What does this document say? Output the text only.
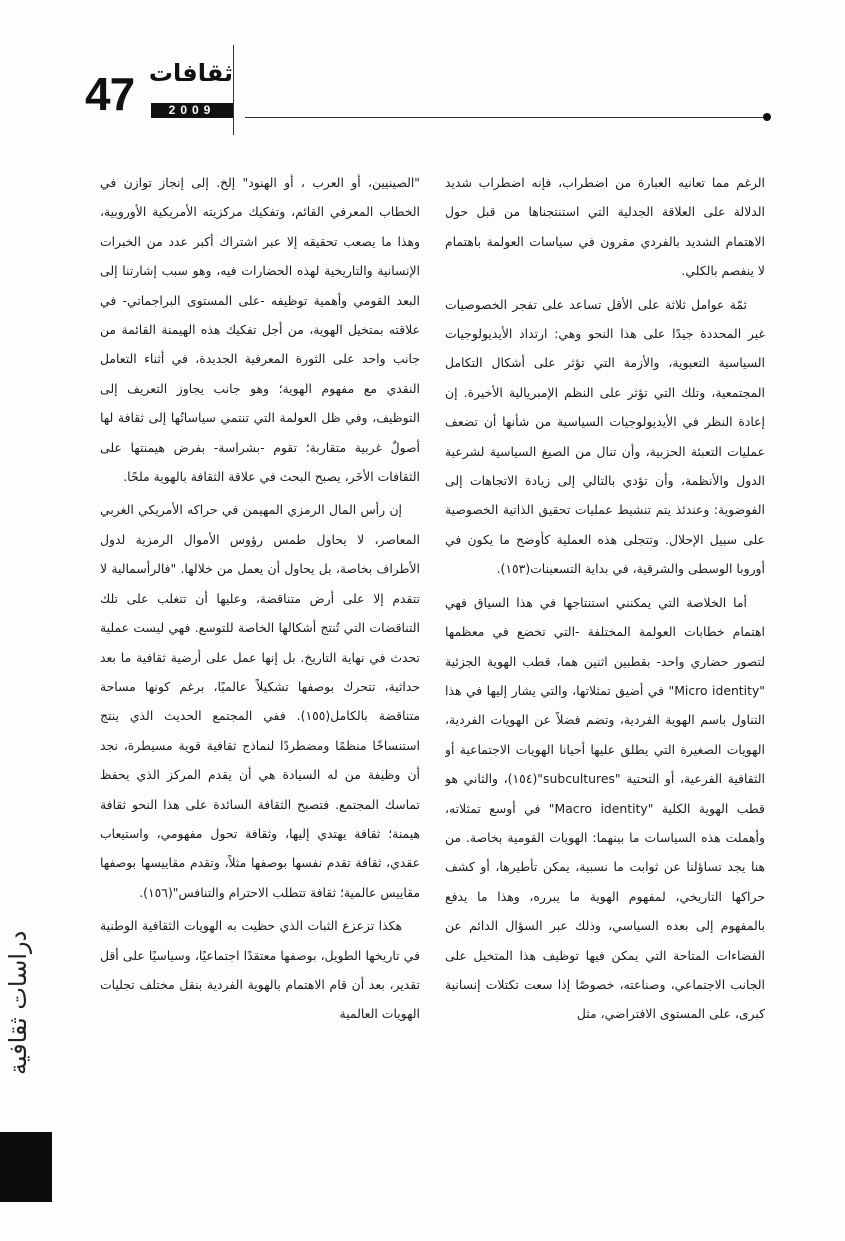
47 ثقافات
2009

الرغم مما تعانيه العبارة من اضطراب، فإنه اضطراب شديد الدلالة على العلاقة الجدلية التي استنتجناها من قبل حول الاهتمام الشديد بالفردي مقرون في سياسات العولمة باهتمام لا ينفصم بالكلي.

ثمّة عوامل ثلاثة على الأقل تساعد على تفجر الخصوصيات غير المحددة جيدًا على هذا النحو وهي: ارتداد الأيديولوجيات السياسية التعبوية، والأزمة التي تؤثر على أشكال التكامل المجتمعية، وتلك التي تؤثر على النظم الإمبريالية الأخيرة. إن إعادة النظر في الأيديولوجيات السياسية من شأنها أن تضعف عمليات التعبئة الحزبية، وأن تنال من الصيغ السياسية لشرعية الدول والأنظمة، وأن تؤدي بالتالي إلى زيادة الاتجاهات إلى الفوضوية: وعندئذ يتم تنشيط عمليات تحقيق الذاتية الخصوصية على سبيل الإحلال. وتتجلى هذه العملية كأوضح ما يكون في أوروبا الوسطى والشرقية، في بداية التسعينات(١٥٣).

أما الخلاصة التي يمكنني استنتاجها في هذا السياق فهي اهتمام خطابات العولمة المختلفة -التي تخضع في معظمها لتصور حضاري واحد- بقطبين اثنين هما، قطب الهوية الجزئية "Micro identity" في أضيق تمثلاتها، والتي يشار إليها في هذا التناول باسم الهوية الفردية، وتضم فضلاً عن الهويات الفردية، الهويات الصغيرة التي يطلق عليها أحيانا الهويات الاجتماعية أو الثقافية الفرعية، أو التحتية "subcultures"(١٥٤)، والثاني هو قطب الهوية الكلية "Macro identity" في أوسع تمثلاته، وأهملت هذه السياسات ما بينهما: الهويات القومية بخاصة. من هنا يجد تساؤلنا عن ثوابت ما نسبية، يمكن تأطيرها، أو كشف حراكها التاريخي، لمفهوم الهوية ما يبرره، وهذا ما يدفع بالمفهوم إلى بعده السياسي، وذلك عبر السؤال الدائم عن الفضاءات المتاحة التي يمكن فيها توظيف هذا المتخيل على الجانب الاجتماعي، وصناعته، خصوصًا إذا سعت تكتلات إنسانية كبرى، على المستوى الافتراضي، مثل

"الصينيين، أو العرب ، أو الهنود" إلخ. إلى إنجاز توازن في الخطاب المعرفي القائم، وتفكيك مركزيته الأمريكية الأوروبية، وهذا ما يصعب تحقيقه إلا عبر اشتراك أكبر عدد من الخبرات الإنسانية والتاريخية لهذه الحضارات فيه، وهو سبب إشارتنا إلى البعد القومي وأهمية توظيفه -على المستوى البراجماتي- في علاقته بمتخيل الهوية، من أجل تفكيك هذه الهيمنة القائمة من جانب واحد على الثورة المعرفية الجديدة، في أثناء التعامل النقدي مع مفهوم الهوية؛ وهو جانب يجاوز التعريف إلى التوظيف، وفي ظل العولمة التي تنتمي سياساتُها إلى ثقافة لها أصولٌ غربية متقاربة؛ تقوم -بشراسة- بفرض هيمنتها على الثقافات الأخَر، يصبح البحث في علاقة الثقافة بالهوية ملحًا.

إن رأس المال الرمزي المهيمن في حراكه الأمريكي الغربي المعاصر، لا يحاول طمس رؤوس الأموال الرمزية لدول الأطراف بخاصة، بل يحاول أن يعمل من خلالها. "فالرأسمالية لا تتقدم إلا على أرض متناقضة، وعليها أن تتغلب على تلك التناقضات التي تُنتج أشكالها الخاصة للتوسع. فهي ليست عملية تحدث في نهاية التاريخ. بل إنها عمل على أرضية ثقافية ما بعد حداثية، تتحرك بوصفها تشكيلاً عالميًا، برغم كونها مساحة متناقضة بالكامل(١٥٥). ففي المجتمع الحديث الذي ينتج استنساخًا منظمًا ومضطردًا لنماذج ثقافية قوية مسيطرة، نجد أن وظيفة من له السيادة هي أن يقدم المركز الذي يحفظ تماسك المجتمع. فتصبح الثقافة السائدة على هذا النحو ثقافة هيمنة؛ ثقافة يهتدي إليها، وثقافة تحول مفهومي، واستيعاب عقدي، ثقافة تقدم نفسها بوصفها مثلاً، وتقدم مقاييسها بوصفها مقاييس عالمية؛ ثقافة تتطلب الاحترام والتنافس"(١٥٦).

هكذا تزعزع الثبات الذي حظيت به الهويات الثقافية الوطنية في تاريخها الطويل، بوصفها معتقدًا اجتماعيًا، وسياسيًا على أقل تقدير، بعد أن قام الاهتمام بالهوية الفردية بنقل مختلف تجليات الهويات العالمية

دراسات ثقافية
